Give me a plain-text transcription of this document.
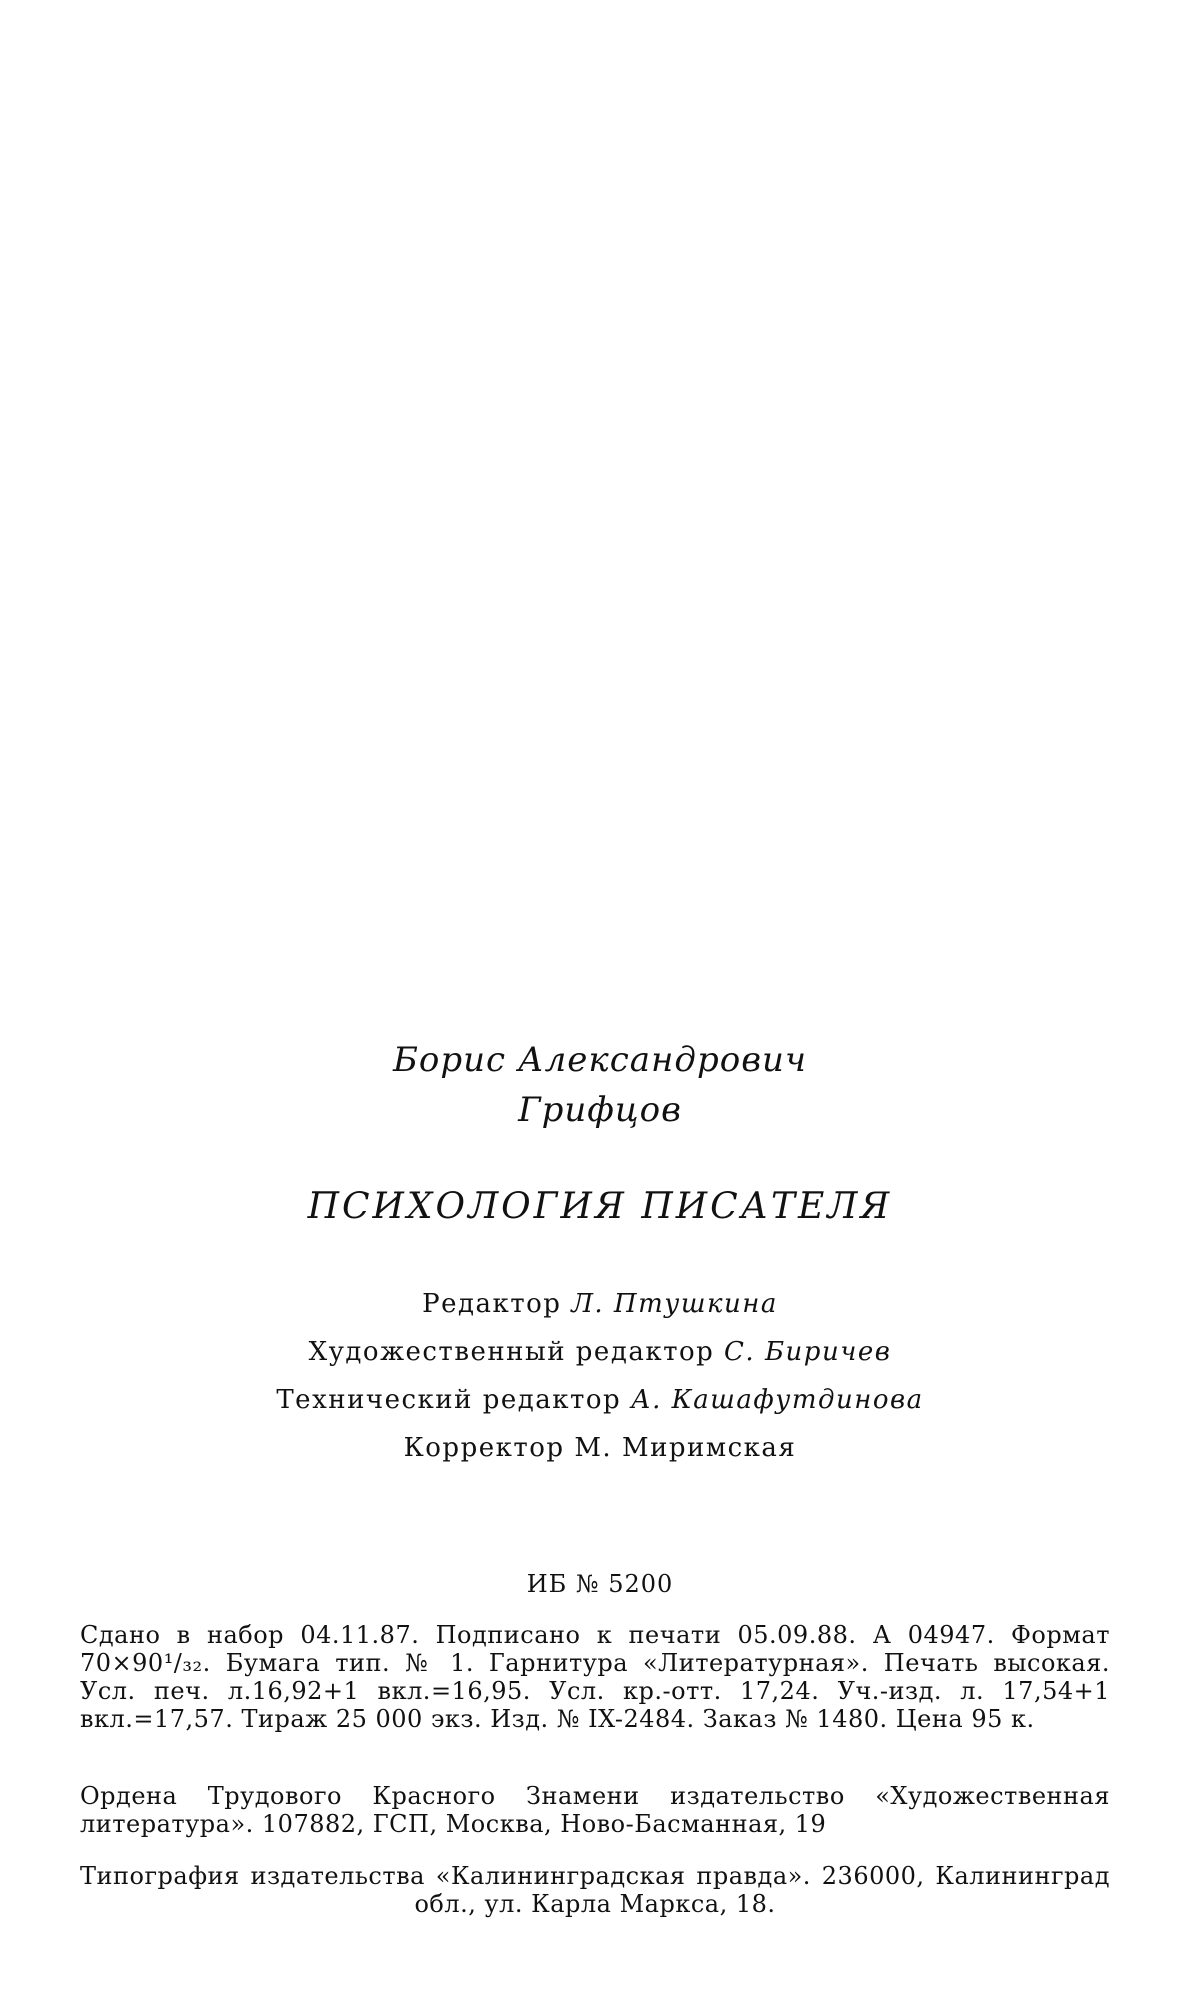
Борис Александрович
Грифцов
ПСИХОЛОГИЯ ПИСАТЕЛЯ
Редактор Л. Птушкина
Художественный редактор С. Биричев
Технический редактор А. Кашафутдинова
Корректор М. Миримская
ИБ № 5200
Сдано в набор 04.11.87. Подписано к печати 05.09.88. А 04947. Формат 70×90¹/₃₂. Бумага тип. № 1. Гарнитура «Литературная». Печать высокая. Усл. печ. л.16,92+1 вкл.=16,95. Усл. кр.-отт. 17,24. Уч.-изд. л. 17,54+1 вкл.=17,57. Тираж 25 000 экз. Изд. № IX-2484. Заказ № 1480. Цена 95 к.
Ордена Трудового Красного Знамени издательство «Художественная литература». 107882, ГСП, Москва, Ново-Басманная, 19
Типография издательства «Калининградская правда». 236000, Калининград обл., ул. Карла Маркса, 18.
